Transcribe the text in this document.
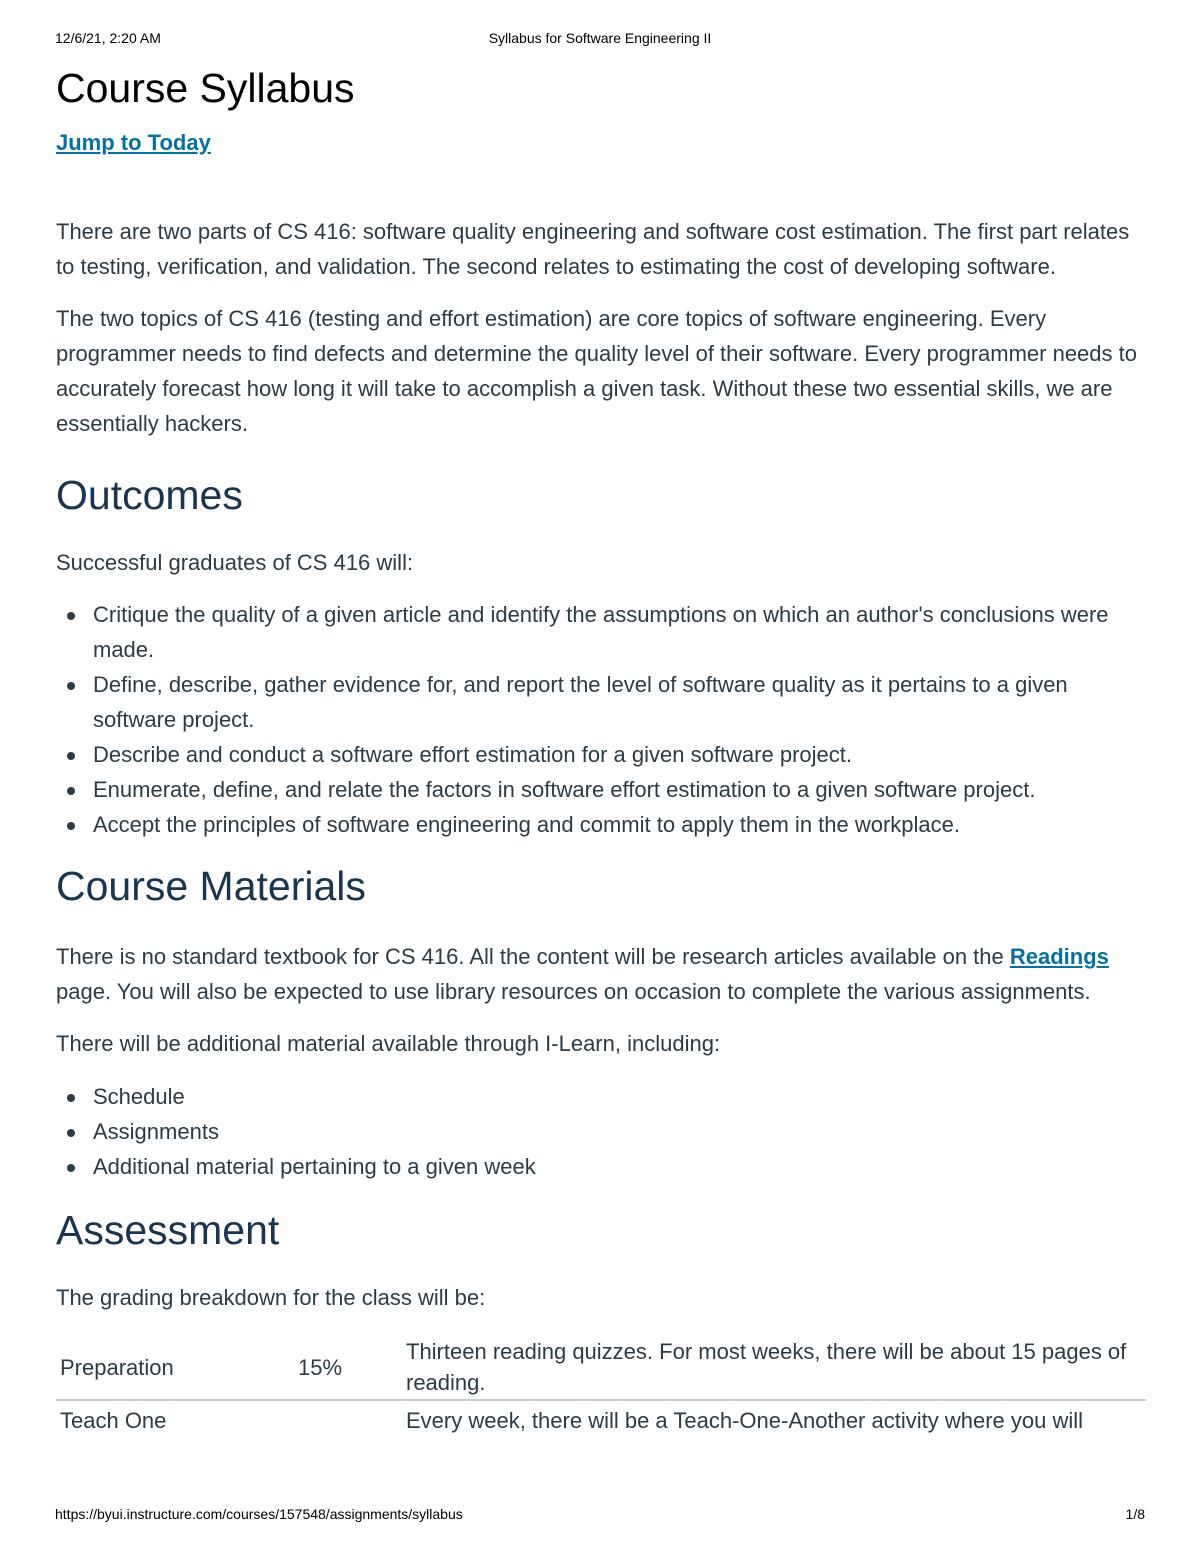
12/6/21, 2:20 AM	Syllabus for Software Engineering II
Course Syllabus
Jump to Today

There are two parts of CS 416: software quality engineering and software cost estimation. The first part relates to testing, verification, and validation. The second relates to estimating the cost of developing software.

The two topics of CS 416 (testing and effort estimation) are core topics of software engineering. Every programmer needs to find defects and determine the quality level of their software. Every programmer needs to accurately forecast how long it will take to accomplish a given task. Without these two essential skills, we are essentially hackers.

Outcomes

Successful graduates of CS 416 will:

Critique the quality of a given article and identify the assumptions on which an author's conclusions were made.
Define, describe, gather evidence for, and report the level of software quality as it pertains to a given software project.
Describe and conduct a software effort estimation for a given software project.
Enumerate, define, and relate the factors in software effort estimation to a given software project.
Accept the principles of software engineering and commit to apply them in the workplace.
Course Materials

There is no standard textbook for CS 416. All the content will be research articles available on the Readings page. You will also be expected to use library resources on occasion to complete the various assignments.

There will be additional material available through I-Learn, including:

Schedule
Assignments
Additional material pertaining to a given week
Assessment

The grading breakdown for the class will be:

Preparation	15%	Thirteen reading quizzes. For most weeks, there will be about 15 pages of reading.
Teach One		Every week, there will be a Teach-One-Another activity where you will
https://byui.instructure.com/courses/157548/assignments/syllabus	1/8
